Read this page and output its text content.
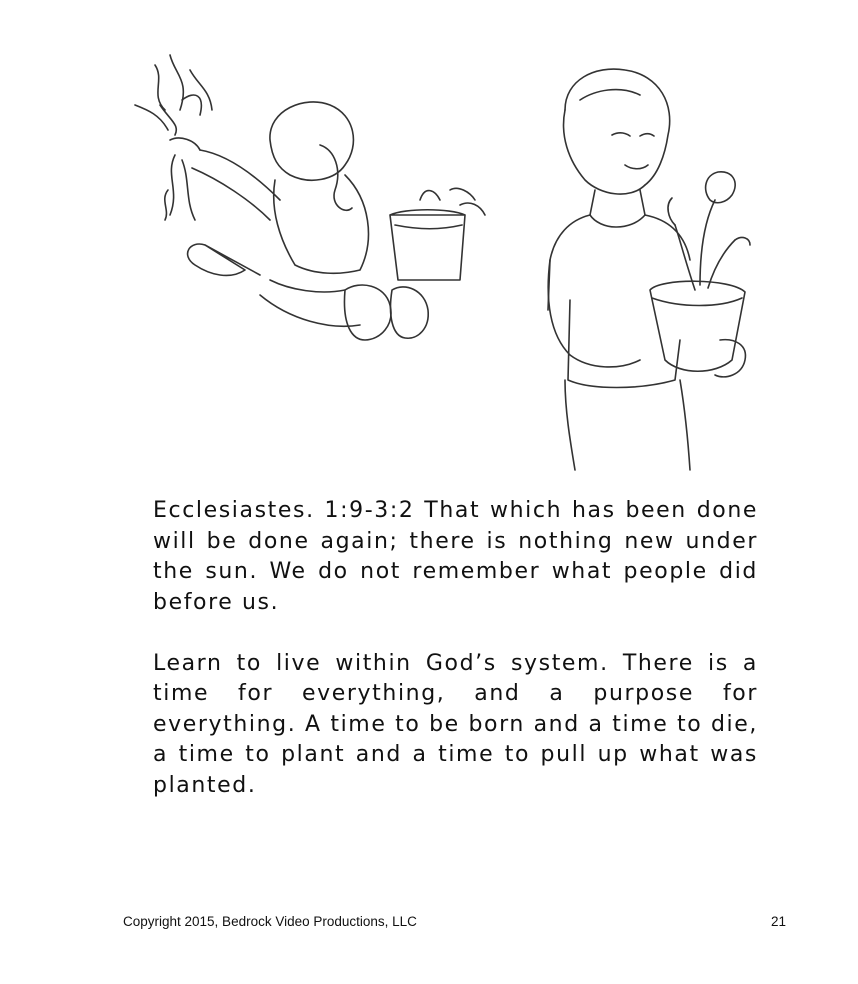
Ecclesiastes. 1:9-3:2 That which has been done will be done again; there is nothing new under the sun. We do not remember what people did before us.

Learn to live within God’s system. There is a time for everything, and a purpose for everything. A time to be born and a time to die, a time to plant and a time to pull up what was planted.

Copyright 2015, Bedrock Video Productions, LLC	21
